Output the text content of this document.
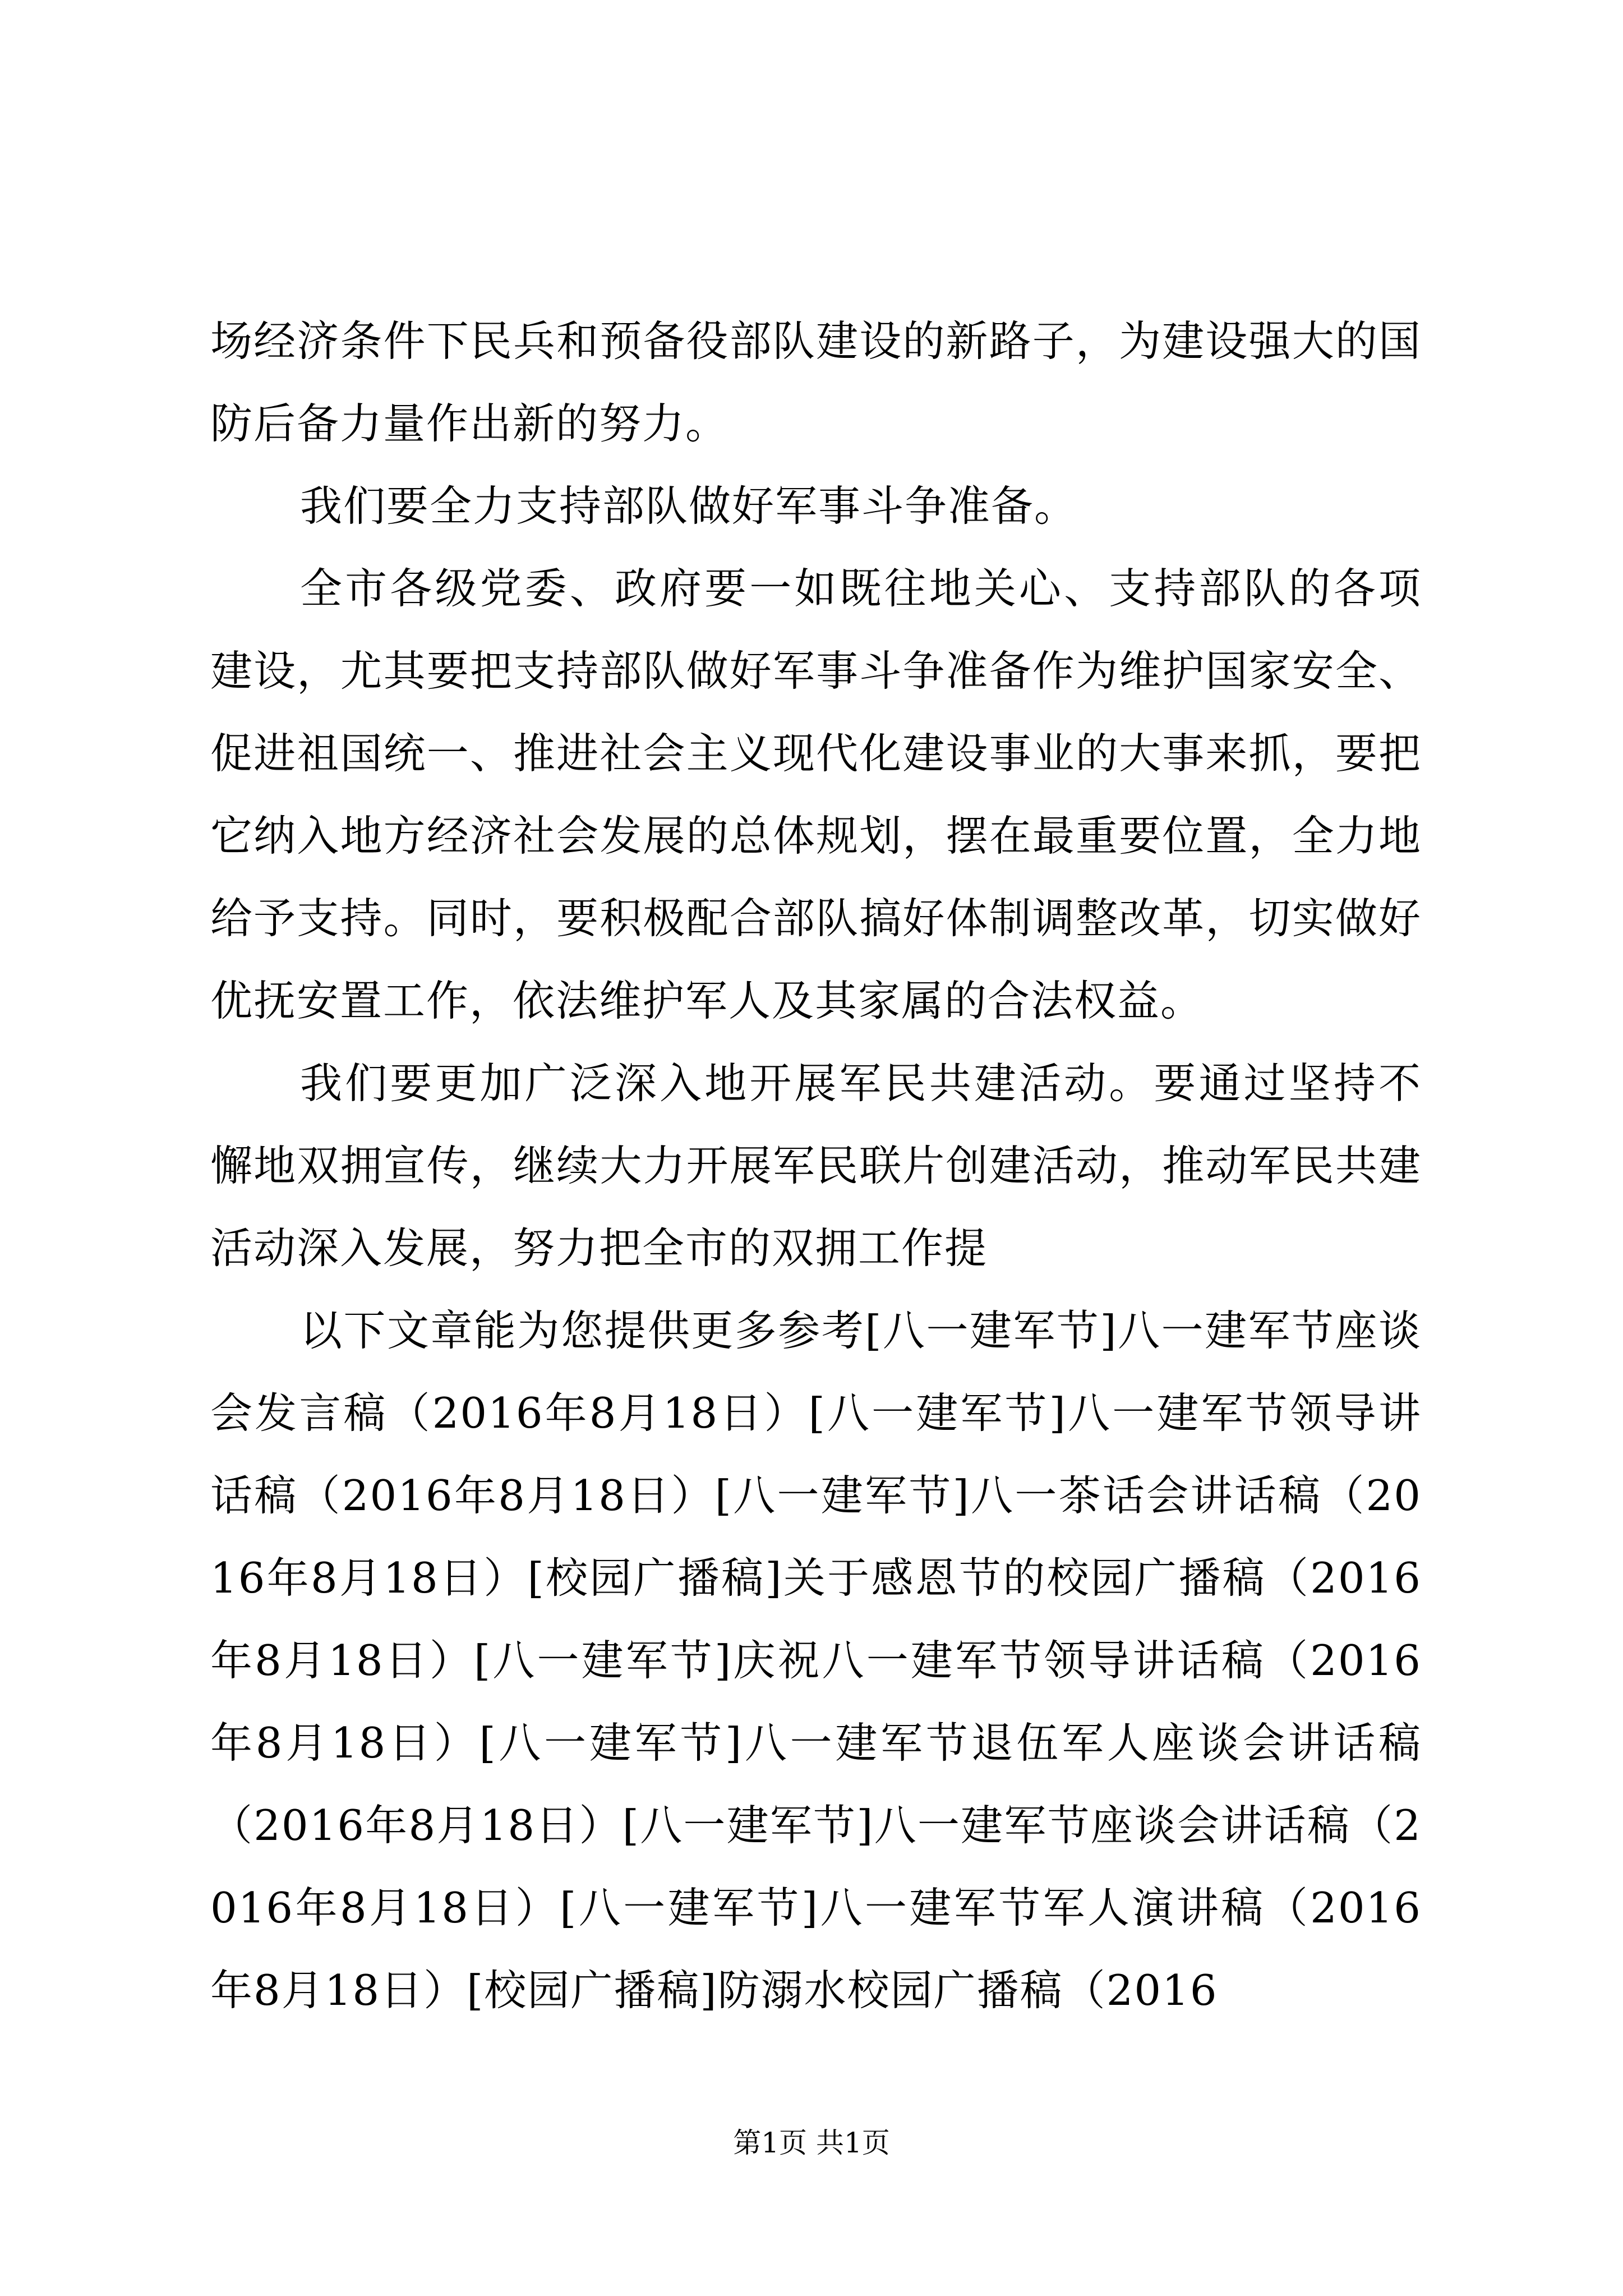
场经济条件下民兵和预备役部队建设的新路子，为建设强大的国防后备力量作出新的努力。

我们要全力支持部队做好军事斗争准备。

全市各级党委、政府要一如既往地关心、支持部队的各项建设，尤其要把支持部队做好军事斗争准备作为维护国家安全、促进祖国统一、推进社会主义现代化建设事业的大事来抓，要把它纳入地方经济社会发展的总体规划，摆在最重要位置，全力地给予支持。同时，要积极配合部队搞好体制调整改革，切实做好优抚安置工作，依法维护军人及其家属的合法权益。

我们要更加广泛深入地开展军民共建活动。要通过坚持不懈地双拥宣传，继续大力开展军民联片创建活动，推动军民共建活动深入发展，努力把全市的双拥工作提

以下文章能为您提供更多参考[八一建军节]八一建军节座谈会发言稿（2016年8月18日）[八一建军节]八一建军节领导讲话稿（2016年8月18日）[八一建军节]八一茶话会讲话稿（2016年8月18日）[校园广播稿]关于感恩节的校园广播稿（2016年8月18日）[八一建军节]庆祝八一建军节领导讲话稿（2016年8月18日）[八一建军节]八一建军节退伍军人座谈会讲话稿（2016年8月18日）[八一建军节]八一建军节座谈会讲话稿（2016年8月18日）[八一建军节]八一建军节军人演讲稿（2016年8月18日）[校园广播稿]防溺水校园广播稿（2016

第1页 共1页
